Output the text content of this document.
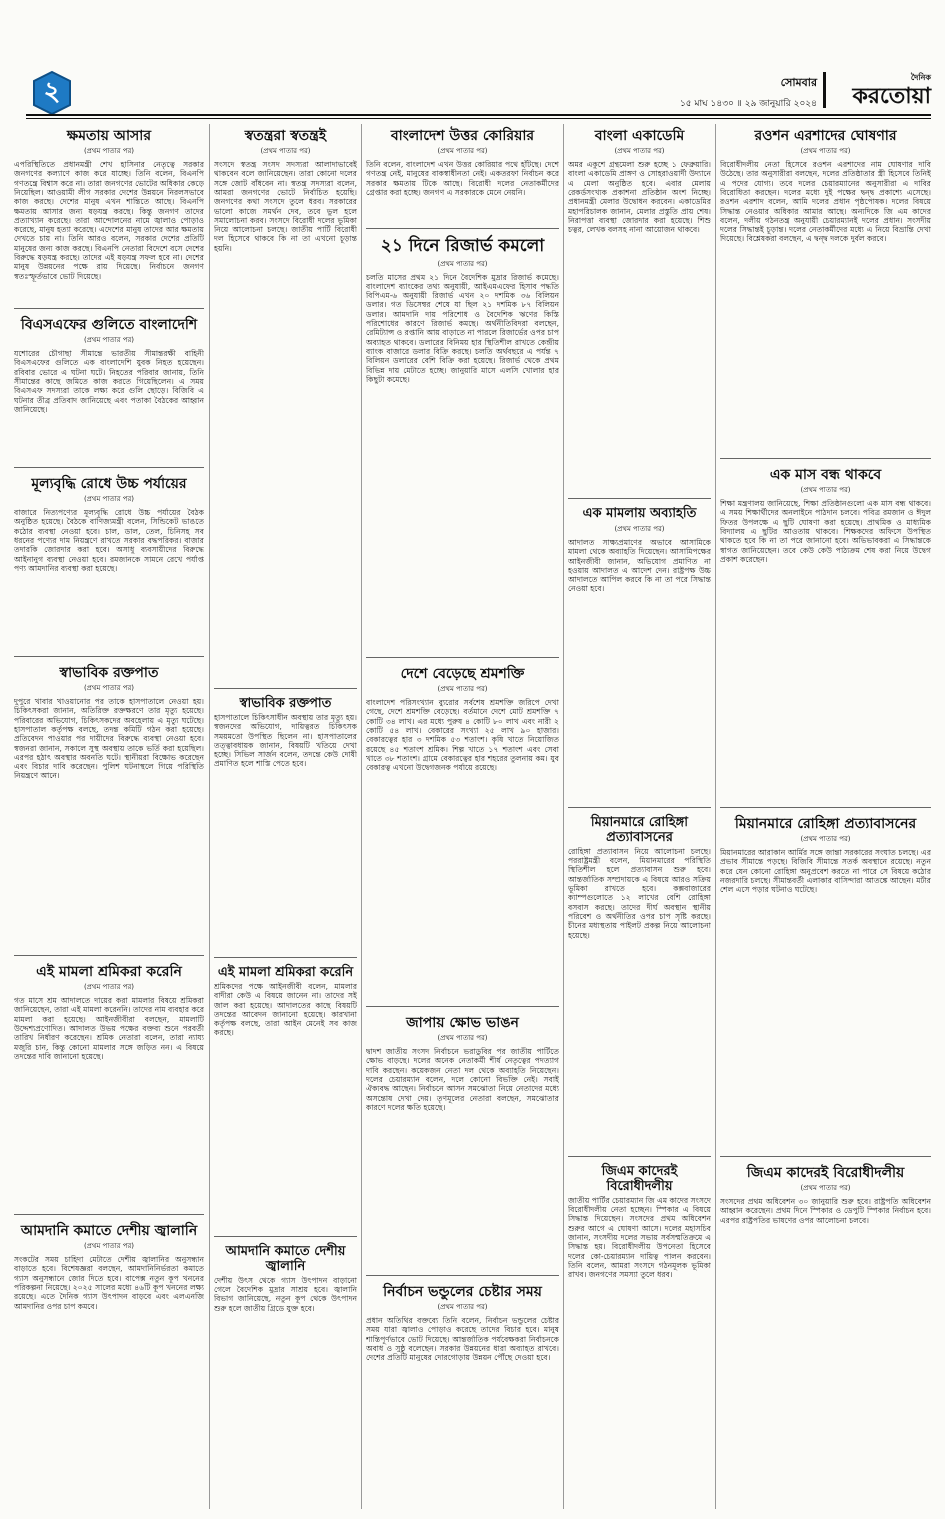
২	সোমবার
১৫ মাঘ ১৪৩০ ॥ ২৯ জানুয়ারি ২০২৪
দৈনিক
করতোয়া
ক্ষমতায় আসার
(প্রথম পাতার পর)
এপরিস্থিতিতে প্রধানমন্ত্রী শেখ হাসিনার নেতৃত্বে সরকার জনগণের কল্যাণে কাজ করে যাচ্ছে। তিনি বলেন, বিএনপি গণতন্ত্রে বিশ্বাস করে না। তারা জনগণের ভোটের অধিকার কেড়ে নিয়েছিল। আওয়ামী লীগ সরকার দেশের উন্নয়নে নিরলসভাবে কাজ করছে। দেশের মানুষ এখন শান্তিতে আছে। বিএনপি ক্ষমতায় আসার জন্য ষড়যন্ত্র করছে। কিন্তু জনগণ তাদের প্রত্যাখ্যান করেছে। তারা আন্দোলনের নামে জ্বালাও পোড়াও করেছে, মানুষ হত্যা করেছে। এদেশের মানুষ তাদের আর ক্ষমতায় দেখতে চায় না। তিনি আরও বলেন, সরকার দেশের প্রতিটি মানুষের জন্য কাজ করছে। বিএনপি নেতারা বিদেশে বসে দেশের বিরুদ্ধে ষড়যন্ত্র করছে। তাদের এই ষড়যন্ত্র সফল হবে না। দেশের মানুষ উন্নয়নের পক্ষে রায় দিয়েছে। নির্বাচনে জনগণ স্বতঃস্ফূর্তভাবে ভোট দিয়েছে।
বিএসএফের গুলিতে বাংলাদেশি
(প্রথম পাতার পর)
যশোরের চৌগাছা সীমান্তে ভারতীয় সীমান্তরক্ষী বাহিনী বিএসএফের গুলিতে এক বাংলাদেশি যুবক নিহত হয়েছেন। রবিবার ভোরে এ ঘটনা ঘটে। নিহতের পরিবার জানায়, তিনি সীমান্তের কাছে জমিতে কাজ করতে গিয়েছিলেন। এ সময় বিএসএফ সদস্যরা তাকে লক্ষ্য করে গুলি ছোড়ে। বিজিবি এ ঘটনার তীব্র প্রতিবাদ জানিয়েছে এবং পতাকা বৈঠকের আহ্বান জানিয়েছে।
মূল্যবৃদ্ধি রোধে উচ্চ পর্যায়ের
(প্রথম পাতার পর)
বাজারে নিত্যপণ্যের মূল্যবৃদ্ধি রোধে উচ্চ পর্যায়ের বৈঠক অনুষ্ঠিত হয়েছে। বৈঠকে বাণিজ্যমন্ত্রী বলেন, সিন্ডিকেট ভাঙতে কঠোর ব্যবস্থা নেওয়া হবে। চাল, ডাল, তেল, চিনিসহ সব ধরনের পণ্যের দাম নিয়ন্ত্রণে রাখতে সরকার বদ্ধপরিকর। বাজার তদারকি জোরদার করা হবে। অসাধু ব্যবসায়ীদের বিরুদ্ধে আইনানুগ ব্যবস্থা নেওয়া হবে। রমজানকে সামনে রেখে পর্যাপ্ত পণ্য আমদানির ব্যবস্থা করা হয়েছে।
স্বাভাবিক রক্তপাত
(প্রথম পাতার পর)
দুপুরে খাবার খাওয়ানোর পর তাকে হাসপাতালে নেওয়া হয়। চিকিৎসকরা জানান, অতিরিক্ত রক্তক্ষরণে তার মৃত্যু হয়েছে। পরিবারের অভিযোগ, চিকিৎসকদের অবহেলায় এ মৃত্যু ঘটেছে। হাসপাতাল কর্তৃপক্ষ বলছে, তদন্ত কমিটি গঠন করা হয়েছে। প্রতিবেদন পাওয়ার পর দায়ীদের বিরুদ্ধে ব্যবস্থা নেওয়া হবে। স্বজনরা জানান, সকালে সুস্থ অবস্থায় তাকে ভর্তি করা হয়েছিল। এরপর হঠাৎ অবস্থার অবনতি ঘটে। স্থানীয়রা বিক্ষোভ করেছেন এবং বিচার দাবি করেছেন। পুলিশ ঘটনাস্থলে গিয়ে পরিস্থিতি নিয়ন্ত্রণে আনে।
এই মামলা শ্রমিকরা করেনি
(প্রথম পাতার পর)
গত মাসে শ্রম আদালতে দায়ের করা মামলার বিষয়ে শ্রমিকরা জানিয়েছেন, তারা এই মামলা করেননি। তাদের নাম ব্যবহার করে মামলা করা হয়েছে। আইনজীবীরা বলছেন, মামলাটি উদ্দেশ্যপ্রণোদিত। আদালত উভয় পক্ষের বক্তব্য শুনে পরবর্তী তারিখ নির্ধারণ করেছেন। শ্রমিক নেতারা বলেন, তারা ন্যায্য মজুরি চান, কিন্তু কোনো মামলার সঙ্গে জড়িত নন। এ বিষয়ে তদন্তের দাবি জানানো হয়েছে।
আমদানি কমাতে দেশীয় জ্বালানি
(প্রথম পাতার পর)
সংকটের সময় চাহিদা মেটাতে দেশীয় জ্বালানির অনুসন্ধান বাড়াতে হবে। বিশেষজ্ঞরা বলছেন, আমদানিনির্ভরতা কমাতে গ্যাস অনুসন্ধানে জোর দিতে হবে। বাপেক্স নতুন কূপ খননের পরিকল্পনা নিয়েছে। ২০২৫ সালের মধ্যে ৪৬টি কূপ খননের লক্ষ্য রয়েছে। এতে দৈনিক গ্যাস উৎপাদন বাড়বে এবং এলএনজি আমদানির ওপর চাপ কমবে।
স্বতন্ত্ররা স্বতন্ত্রই
(প্রথম পাতার পর)
সংসদে স্বতন্ত্র সংসদ সদস্যরা আলাদাভাবেই থাকবেন বলে জানিয়েছেন। তারা কোনো দলের সঙ্গে জোট বাঁধবেন না। স্বতন্ত্র সদস্যরা বলেন, আমরা জনগণের ভোটে নির্বাচিত হয়েছি। জনগণের কথা সংসদে তুলে ধরব। সরকারের ভালো কাজে সমর্থন দেব, তবে ভুল হলে সমালোচনা করব। সংসদে বিরোধী দলের ভূমিকা নিয়ে আলোচনা চলছে। জাতীয় পার্টি বিরোধী দল হিসেবে থাকবে কি না তা এখনো চূড়ান্ত হয়নি।
স্বাভাবিক রক্তপাত
হাসপাতালে চিকিৎসাধীন অবস্থায় তার মৃত্যু হয়। স্বজনদের অভিযোগ, দায়িত্বরত চিকিৎসক সময়মতো উপস্থিত ছিলেন না। হাসপাতালের তত্ত্বাবধায়ক জানান, বিষয়টি খতিয়ে দেখা হচ্ছে। সিভিল সার্জন বলেন, তদন্তে কেউ দোষী প্রমাণিত হলে শাস্তি পেতে হবে।
এই মামলা শ্রমিকরা করেনি
শ্রমিকদের পক্ষে আইনজীবী বলেন, মামলার বাদীরা কেউ এ বিষয়ে জানেন না। তাদের সই জাল করা হয়েছে। আদালতের কাছে বিষয়টি তদন্তের আবেদন জানানো হয়েছে। কারখানা কর্তৃপক্ষ বলছে, তারা আইন মেনেই সব কাজ করছে।
আমদানি কমাতে দেশীয় জ্বালানি
দেশীয় উৎস থেকে গ্যাস উৎপাদন বাড়ানো গেলে বৈদেশিক মুদ্রার সাশ্রয় হবে। জ্বালানি বিভাগ জানিয়েছে, নতুন কূপ থেকে উৎপাদন শুরু হলে জাতীয় গ্রিডে যুক্ত হবে।
বাংলাদেশ উত্তর কোরিয়ার
(প্রথম পাতার পর)
তিনি বলেন, বাংলাদেশ এখন উত্তর কোরিয়ার পথে হাঁটছে। দেশে গণতন্ত্র নেই, মানুষের বাকস্বাধীনতা নেই। একতরফা নির্বাচন করে সরকার ক্ষমতায় টিকে আছে। বিরোধী দলের নেতাকর্মীদের গ্রেপ্তার করা হচ্ছে। জনগণ এ সরকারকে মেনে নেয়নি।
২১ দিনে রিজার্ভ কমলো
(প্রথম পাতার পর)
চলতি মাসের প্রথম ২১ দিনে বৈদেশিক মুদ্রার রিজার্ভ কমেছে। বাংলাদেশ ব্যাংকের তথ্য অনুযায়ী, আইএমএফের হিসাব পদ্ধতি বিপিএম-৬ অনুযায়ী রিজার্ভ এখন ২০ দশমিক ৩৬ বিলিয়ন ডলার। গত ডিসেম্বর শেষে যা ছিল ২১ দশমিক ৮৭ বিলিয়ন ডলার। আমদানি দায় পরিশোধ ও বৈদেশিক ঋণের কিস্তি পরিশোধের কারণে রিজার্ভ কমছে। অর্থনীতিবিদরা বলছেন, রেমিট্যান্স ও রপ্তানি আয় বাড়াতে না পারলে রিজার্ভের ওপর চাপ অব্যাহত থাকবে। ডলারের বিনিময় হার স্থিতিশীল রাখতে কেন্দ্রীয় ব্যাংক বাজারে ডলার বিক্রি করছে। চলতি অর্থবছরে এ পর্যন্ত ৭ বিলিয়ন ডলারের বেশি বিক্রি করা হয়েছে। রিজার্ভ থেকে প্রথম বিভিন্ন দায় মেটাতে হচ্ছে। জানুয়ারি মাসে এলসি খোলার হার কিছুটা কমেছে।
দেশে বেড়েছে শ্রমশক্তি
(প্রথম পাতার পর)
বাংলাদেশ পরিসংখ্যান ব্যুরোর সর্বশেষ শ্রমশক্তি জরিপে দেখা গেছে, দেশে শ্রমশক্তি বেড়েছে। বর্তমানে দেশে মোট শ্রমশক্তি ৭ কোটি ৩৪ লাখ। এর মধ্যে পুরুষ ৪ কোটি ৮০ লাখ এবং নারী ২ কোটি ৫৪ লাখ। বেকারের সংখ্যা ২৫ লাখ ৯০ হাজার। বেকারত্বের হার ৩ দশমিক ৫৩ শতাংশ। কৃষি খাতে নিয়োজিত রয়েছে ৪৫ শতাংশ শ্রমিক। শিল্প খাতে ১৭ শতাংশ এবং সেবা খাতে ৩৮ শতাংশ। গ্রামে বেকারত্বের হার শহরের তুলনায় কম। যুব বেকারত্ব এখনো উদ্বেগজনক পর্যায়ে রয়েছে।
জাপায় ক্ষোভ ভাঙন
(প্রথম পাতার পর)
দ্বাদশ জাতীয় সংসদ নির্বাচনে ভরাডুবির পর জাতীয় পার্টিতে ক্ষোভ বাড়ছে। দলের অনেক নেতাকর্মী শীর্ষ নেতৃত্বের পদত্যাগ দাবি করছেন। কয়েকজন নেতা দল থেকে অব্যাহতি নিয়েছেন। দলের চেয়ারম্যান বলেন, দলে কোনো বিভক্তি নেই। সবাই ঐক্যবদ্ধ আছেন। নির্বাচনে আসন সমঝোতা নিয়ে নেতাদের মধ্যে অসন্তোষ দেখা দেয়। তৃণমূলের নেতারা বলছেন, সমঝোতার কারণে দলের ক্ষতি হয়েছে।
নির্বাচন ভন্ডুলের চেষ্টার সময়
(প্রথম পাতার পর)
প্রধান অতিথির বক্তব্যে তিনি বলেন, নির্বাচন ভন্ডুলের চেষ্টার সময় যারা জ্বালাও পোড়াও করেছে তাদের বিচার হবে। মানুষ শান্তিপূর্ণভাবে ভোট দিয়েছে। আন্তর্জাতিক পর্যবেক্ষকরা নির্বাচনকে অবাধ ও সুষ্ঠু বলেছেন। সরকার উন্নয়নের ধারা অব্যাহত রাখবে। দেশের প্রতিটি মানুষের দোরগোড়ায় উন্নয়ন পৌঁছে দেওয়া হবে।
বাংলা একাডেমি
(প্রথম পাতার পর)
অমর একুশে গ্রন্থমেলা শুরু হচ্ছে ১ ফেব্রুয়ারি। বাংলা একাডেমি প্রাঙ্গণ ও সোহরাওয়ার্দী উদ্যানে এ মেলা অনুষ্ঠিত হবে। এবার মেলায় রেকর্ডসংখ্যক প্রকাশনা প্রতিষ্ঠান অংশ নিচ্ছে। প্রধানমন্ত্রী মেলার উদ্বোধন করবেন। একাডেমির মহাপরিচালক জানান, মেলার প্রস্তুতি প্রায় শেষ। নিরাপত্তা ব্যবস্থা জোরদার করা হয়েছে। শিশু চত্বর, লেখক বলসহ নানা আয়োজন থাকবে।
এক মামলায় অব্যাহতি
(প্রথম পাতার পর)
আদালত সাক্ষ্যপ্রমাণের অভাবে আসামিকে মামলা থেকে অব্যাহতি দিয়েছেন। আসামিপক্ষের আইনজীবী জানান, অভিযোগ প্রমাণিত না হওয়ায় আদালত এ আদেশ দেন। রাষ্ট্রপক্ষ উচ্চ আদালতে আপিল করবে কি না তা পরে সিদ্ধান্ত নেওয়া হবে।
মিয়ানমারে রোহিঙ্গা প্রত্যাবাসনের
রোহিঙ্গা প্রত্যাবাসন নিয়ে আলোচনা চলছে। পররাষ্ট্রমন্ত্রী বলেন, মিয়ানমারের পরিস্থিতি স্থিতিশীল হলে প্রত্যাবাসন শুরু হবে। আন্তর্জাতিক সম্প্রদায়কে এ বিষয়ে আরও সক্রিয় ভূমিকা রাখতে হবে। কক্সবাজারের ক্যাম্পগুলোতে ১২ লাখের বেশি রোহিঙ্গা বসবাস করছে। তাদের দীর্ঘ অবস্থান স্থানীয় পরিবেশ ও অর্থনীতির ওপর চাপ সৃষ্টি করছে। চীনের মধ্যস্থতায় পাইলট প্রকল্প নিয়ে আলোচনা হয়েছে।
জিএম কাদেরই বিরোধীদলীয়
জাতীয় পার্টির চেয়ারম্যান জি এম কাদের সংসদে বিরোধীদলীয় নেতা হচ্ছেন। স্পিকার এ বিষয়ে সিদ্ধান্ত দিয়েছেন। সংসদের প্রথম অধিবেশন শুরুর আগে এ ঘোষণা আসে। দলের মহাসচিব জানান, সংসদীয় দলের সভায় সর্বসম্মতিক্রমে এ সিদ্ধান্ত হয়। বিরোধীদলীয় উপনেতা হিসেবে দলের কো-চেয়ারম্যান দায়িত্ব পালন করবেন। তিনি বলেন, আমরা সংসদে গঠনমূলক ভূমিকা রাখব। জনগণের সমস্যা তুলে ধরব।
রওশন এরশাদের ঘোষণার
(প্রথম পাতার পর)
বিরোধীদলীয় নেতা হিসেবে রওশন এরশাদের নাম ঘোষণার দাবি উঠেছে। তার অনুসারীরা বলছেন, দলের প্রতিষ্ঠাতার স্ত্রী হিসেবে তিনিই এ পদের যোগ্য। তবে দলের চেয়ারম্যানের অনুসারীরা এ দাবির বিরোধিতা করছেন। দলের মধ্যে দুই পক্ষের দ্বন্দ্ব প্রকাশ্যে এসেছে। রওশন এরশাদ বলেন, আমি দলের প্রধান পৃষ্ঠপোষক। দলের বিষয়ে সিদ্ধান্ত নেওয়ার অধিকার আমার আছে। অন্যদিকে জি এম কাদের বলেন, দলীয় গঠনতন্ত্র অনুযায়ী চেয়ারম্যানই দলের প্রধান। সংসদীয় দলের সিদ্ধান্তই চূড়ান্ত। দলের নেতাকর্মীদের মধ্যে এ নিয়ে বিভ্রান্তি দেখা দিয়েছে। বিশ্লেষকরা বলছেন, এ দ্বন্দ্ব দলকে দুর্বল করবে।
এক মাস বন্ধ থাকবে
(প্রথম পাতার পর)
শিক্ষা মন্ত্রণালয় জানিয়েছে, শিক্ষা প্রতিষ্ঠানগুলো এক মাস বন্ধ থাকবে। এ সময় শিক্ষার্থীদের অনলাইনে পাঠদান চলবে। পবিত্র রমজান ও ঈদুল ফিতর উপলক্ষে এ ছুটি ঘোষণা করা হয়েছে। প্রাথমিক ও মাধ্যমিক বিদ্যালয় এ ছুটির আওতায় থাকবে। শিক্ষকদের অফিসে উপস্থিত থাকতে হবে কি না তা পরে জানানো হবে। অভিভাবকরা এ সিদ্ধান্তকে স্বাগত জানিয়েছেন। তবে কেউ কেউ পাঠ্যক্রম শেষ করা নিয়ে উদ্বেগ প্রকাশ করেছেন।
মিয়ানমারে রোহিঙ্গা প্রত্যাবাসনের
(প্রথম পাতার পর)
মিয়ানমারের আরাকান আর্মির সঙ্গে জান্তা সরকারের সংঘাত চলছে। এর প্রভাব সীমান্তে পড়ছে। বিজিবি সীমান্তে সতর্ক অবস্থানে রয়েছে। নতুন করে যেন কোনো রোহিঙ্গা অনুপ্রবেশ করতে না পারে সে বিষয়ে কঠোর নজরদারি চলছে। সীমান্তবর্তী এলাকার বাসিন্দারা আতঙ্কে আছেন। মর্টার শেল এসে পড়ার ঘটনাও ঘটেছে।
জিএম কাদেরই বিরোধীদলীয়
(প্রথম পাতার পর)
সংসদের প্রথম অধিবেশন ৩০ জানুয়ারি শুরু হবে। রাষ্ট্রপতি অধিবেশন আহ্বান করেছেন। প্রথম দিনে স্পিকার ও ডেপুটি স্পিকার নির্বাচন হবে। এরপর রাষ্ট্রপতির ভাষণের ওপর আলোচনা চলবে।
